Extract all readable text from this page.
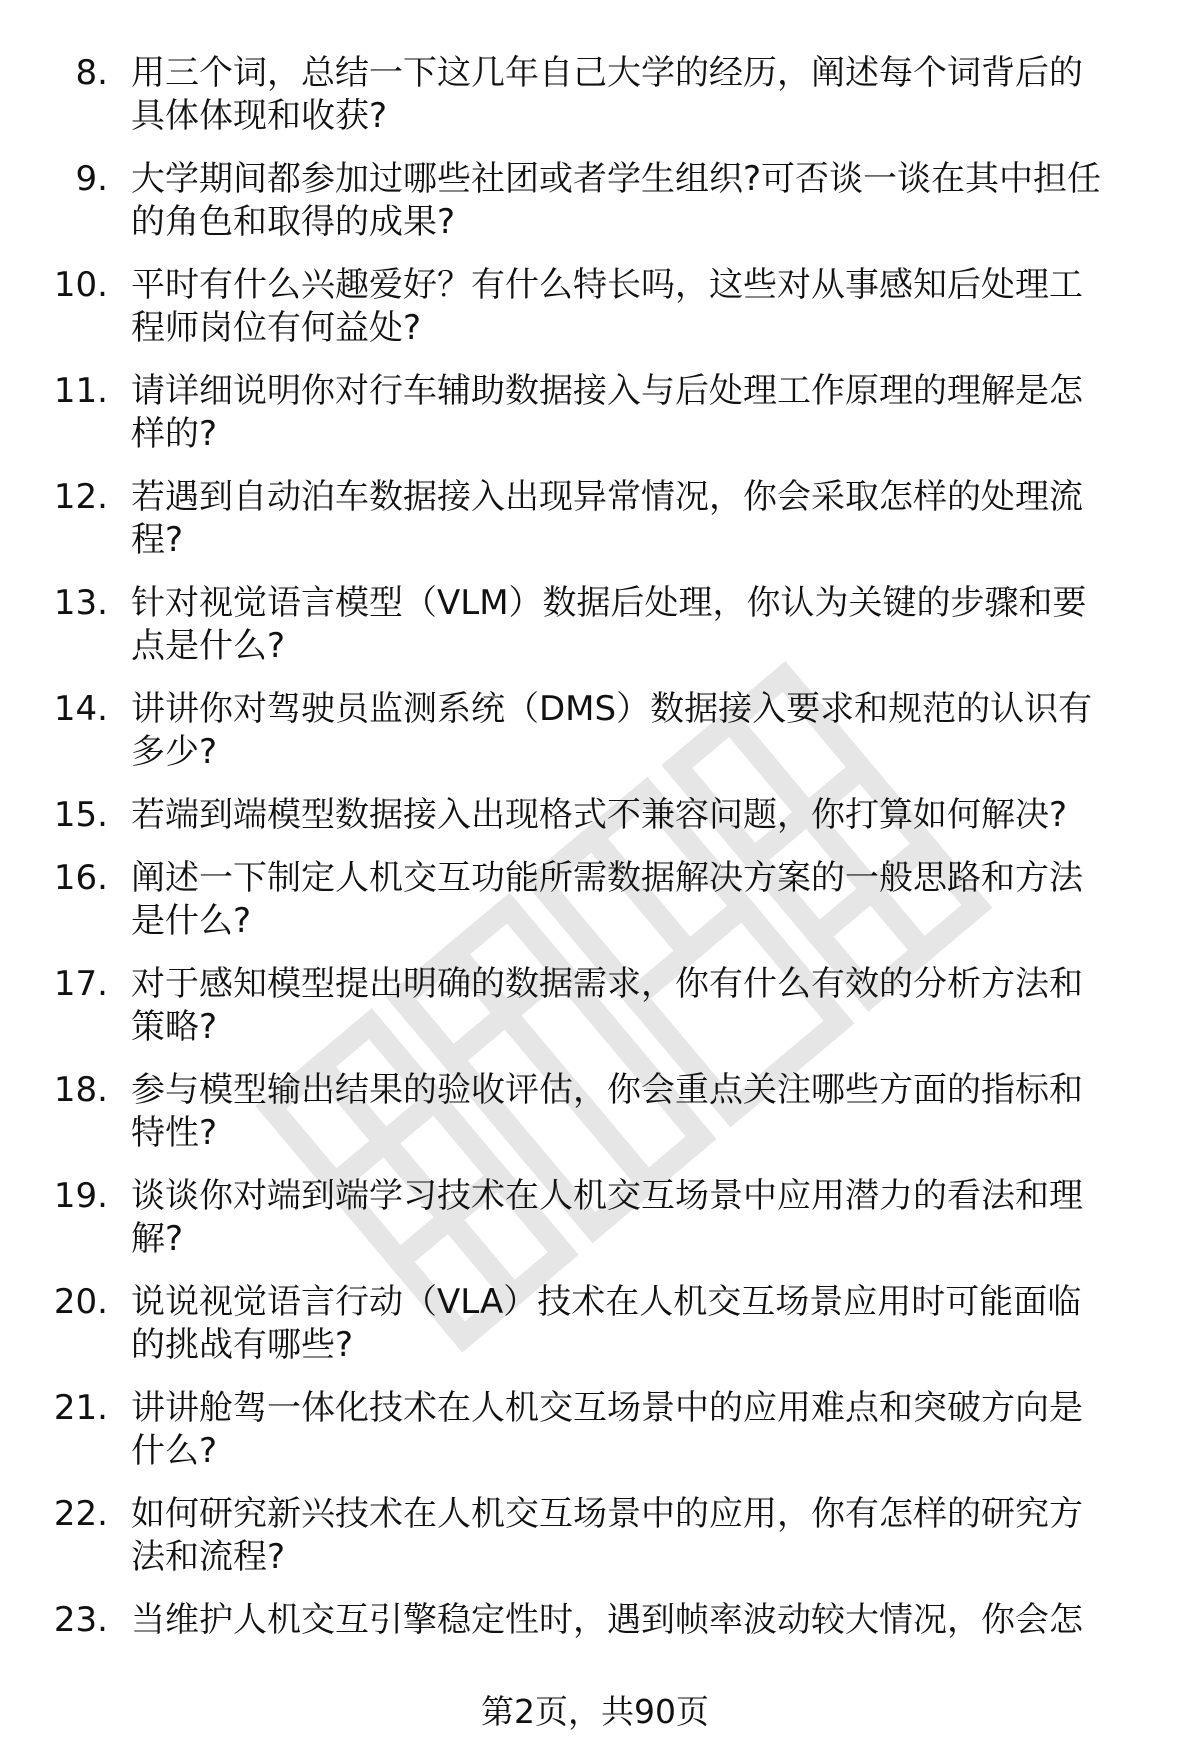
8. 用三个词，总结一下这几年自己大学的经历，阐述每个词背后的
具体体现和收获?
9. 大学期间都参加过哪些社团或者学生组织?可否谈一谈在其中担任
的角色和取得的成果?
10. 平时有什么兴趣爱好？有什么特长吗，这些对从事感知后处理工
程师岗位有何益处?
11. 请详细说明你对行车辅助数据接入与后处理工作原理的理解是怎
样的?
12. 若遇到自动泊车数据接入出现异常情况，你会采取怎样的处理流
程?
13. 针对视觉语言模型（VLM）数据后处理，你认为关键的步骤和要
点是什么?
14. 讲讲你对驾驶员监测系统（DMS）数据接入要求和规范的认识有
多少?
15. 若端到端模型数据接入出现格式不兼容问题，你打算如何解决?
16. 阐述一下制定人机交互功能所需数据解决方案的一般思路和方法
是什么?
17. 对于感知模型提出明确的数据需求，你有什么有效的分析方法和
策略?
18. 参与模型输出结果的验收评估，你会重点关注哪些方面的指标和
特性?
19. 谈谈你对端到端学习技术在人机交互场景中应用潜力的看法和理
解?
20. 说说视觉语言行动（VLA）技术在人机交互场景应用时可能面临
的挑战有哪些?
21. 讲讲舱驾一体化技术在人机交互场景中的应用难点和突破方向是
什么?
22. 如何研究新兴技术在人机交互场景中的应用，你有怎样的研究方
法和流程?
23. 当维护人机交互引擎稳定性时，遇到帧率波动较大情况，你会怎
第2页，共90页
